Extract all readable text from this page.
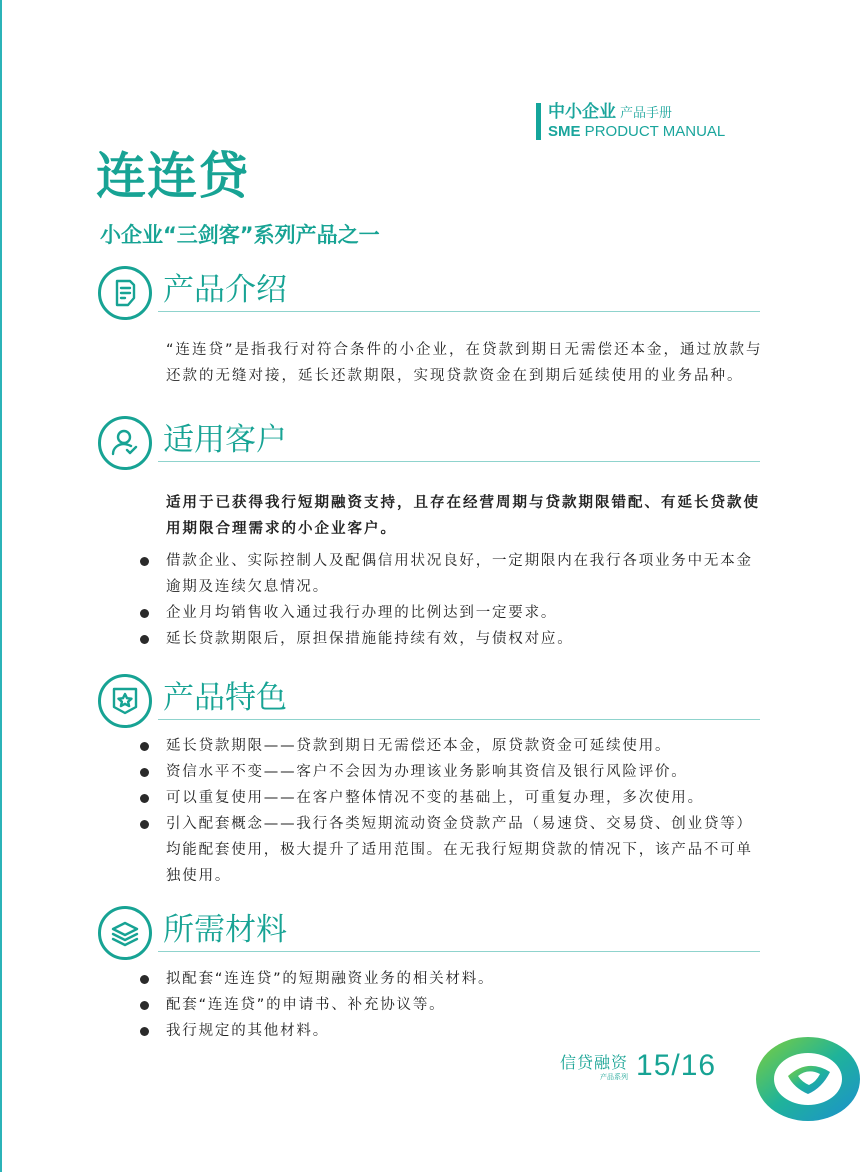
中小企业 产品手册
SME PRODUCT MANUAL
连连贷
小企业“三剑客”系列产品之一
产品介绍
“连连贷”是指我行对符合条件的小企业，在贷款到期日无需偿还本金，通过放款与还款的无缝对接，延长还款期限，实现贷款资金在到期后延续使用的业务品种。
适用客户
适用于已获得我行短期融资支持，且存在经营周期与贷款期限错配、有延长贷款使用期限合理需求的小企业客户。
借款企业、实际控制人及配偶信用状况良好，一定期限内在我行各项业务中无本金逾期及连续欠息情况。
企业月均销售收入通过我行办理的比例达到一定要求。
延长贷款期限后，原担保措施能持续有效，与债权对应。
产品特色
延长贷款期限——贷款到期日无需偿还本金，原贷款资金可延续使用。
资信水平不变——客户不会因为办理该业务影响其资信及银行风险评价。
可以重复使用——在客户整体情况不变的基础上，可重复办理，多次使用。
引入配套概念——我行各类短期流动资金贷款产品（易速贷、交易贷、创业贷等）均能配套使用，极大提升了适用范围。在无我行短期贷款的情况下，该产品不可单独使用。
所需材料
拟配套“连连贷”的短期融资业务的相关材料。
配套“连连贷”的申请书、补充协议等。
我行规定的其他材料。
信贷融资
产品系列 15/16
